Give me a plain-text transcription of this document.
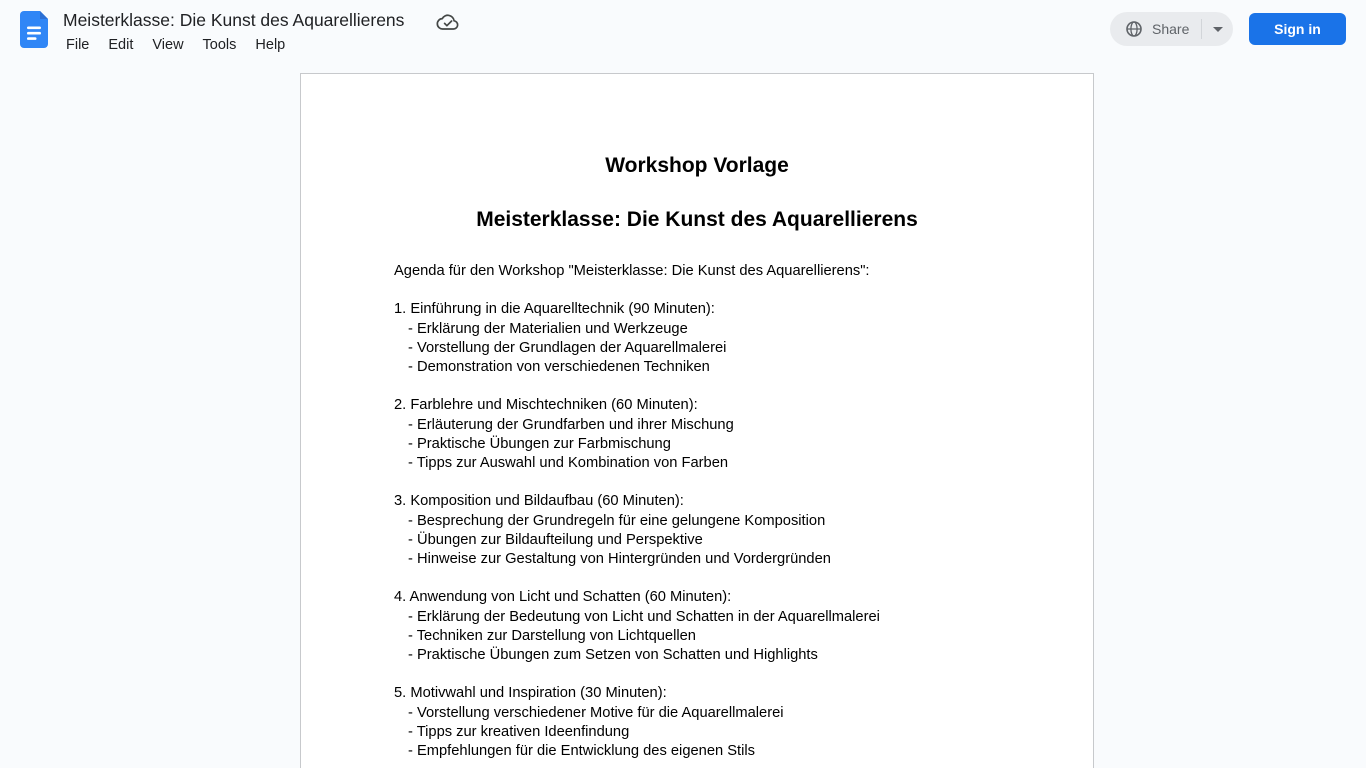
Meisterklasse: Die Kunst des Aquarellierens
File Edit View Tools Help
Share	Sign in
Workshop Vorlage
Meisterklasse: Die Kunst des Aquarellierens

Agenda für den Workshop "Meisterklasse: Die Kunst des Aquarellierens":

1. Einführung in die Aquarelltechnik (90 Minuten):
- Erklärung der Materialien und Werkzeuge
- Vorstellung der Grundlagen der Aquarellmalerei
- Demonstration von verschiedenen Techniken
2. Farblehre und Mischtechniken (60 Minuten):
- Erläuterung der Grundfarben und ihrer Mischung
- Praktische Übungen zur Farbmischung
- Tipps zur Auswahl und Kombination von Farben
3. Komposition und Bildaufbau (60 Minuten):
- Besprechung der Grundregeln für eine gelungene Komposition
- Übungen zur Bildaufteilung und Perspektive
- Hinweise zur Gestaltung von Hintergründen und Vordergründen
4. Anwendung von Licht und Schatten (60 Minuten):
- Erklärung der Bedeutung von Licht und Schatten in der Aquarellmalerei
- Techniken zur Darstellung von Lichtquellen
- Praktische Übungen zum Setzen von Schatten und Highlights
5. Motivwahl und Inspiration (30 Minuten):
- Vorstellung verschiedener Motive für die Aquarellmalerei
- Tipps zur kreativen Ideenfindung
- Empfehlungen für die Entwicklung des eigenen Stils
